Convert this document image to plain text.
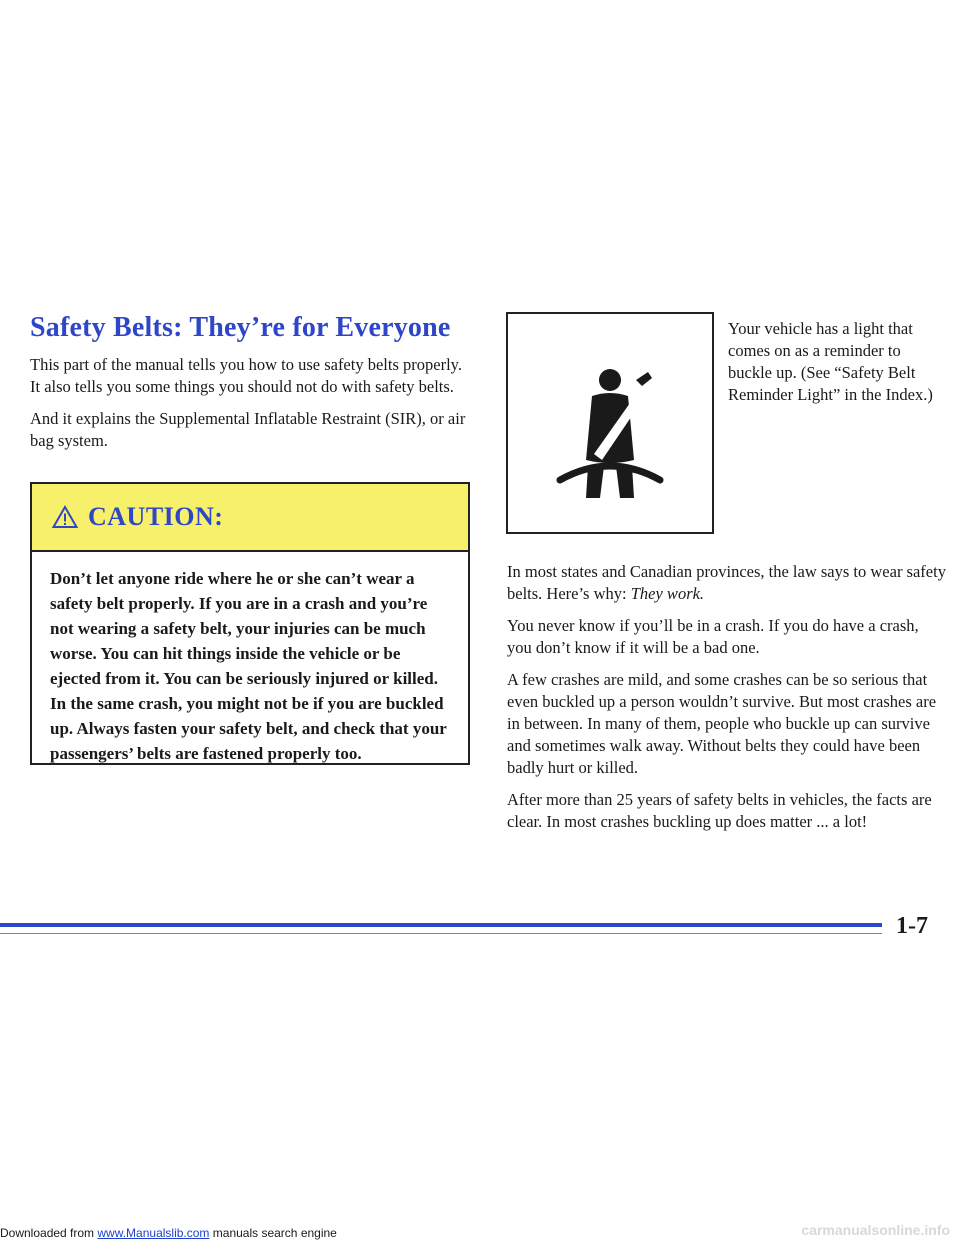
Safety Belts: They’re for Everyone

This part of the manual tells you how to use safety belts properly. It also tells you some things you should not do with safety belts.

And it explains the Supplemental Inflatable Restraint (SIR), or air bag system.

CAUTION:
Don’t let anyone ride where he or she can’t wear a safety belt properly. If you are in a crash and you’re not wearing a safety belt, your injuries can be much worse. You can hit things inside the vehicle or be ejected from it. You can be seriously injured or killed. In the same crash, you might not be if you are buckled up. Always fasten your safety belt, and check that your passengers’ belts are fastened properly too.

Your vehicle has a light that comes on as a reminder to buckle up. (See “Safety Belt Reminder Light” in the Index.)

In most states and Canadian provinces, the law says to wear safety belts. Here’s why: They work.

You never know if you’ll be in a crash. If you do have a crash, you don’t know if it will be a bad one.

A few crashes are mild, and some crashes can be so serious that even buckled up a person wouldn’t survive. But most crashes are in between. In many of them, people who buckle up can survive and sometimes walk away. Without belts they could have been badly hurt or killed.

After more than 25 years of safety belts in vehicles, the facts are clear. In most crashes buckling up does matter ... a lot!

1-7
Downloaded from www.Manualslib.com manuals search engine	carmanualsonline.info
